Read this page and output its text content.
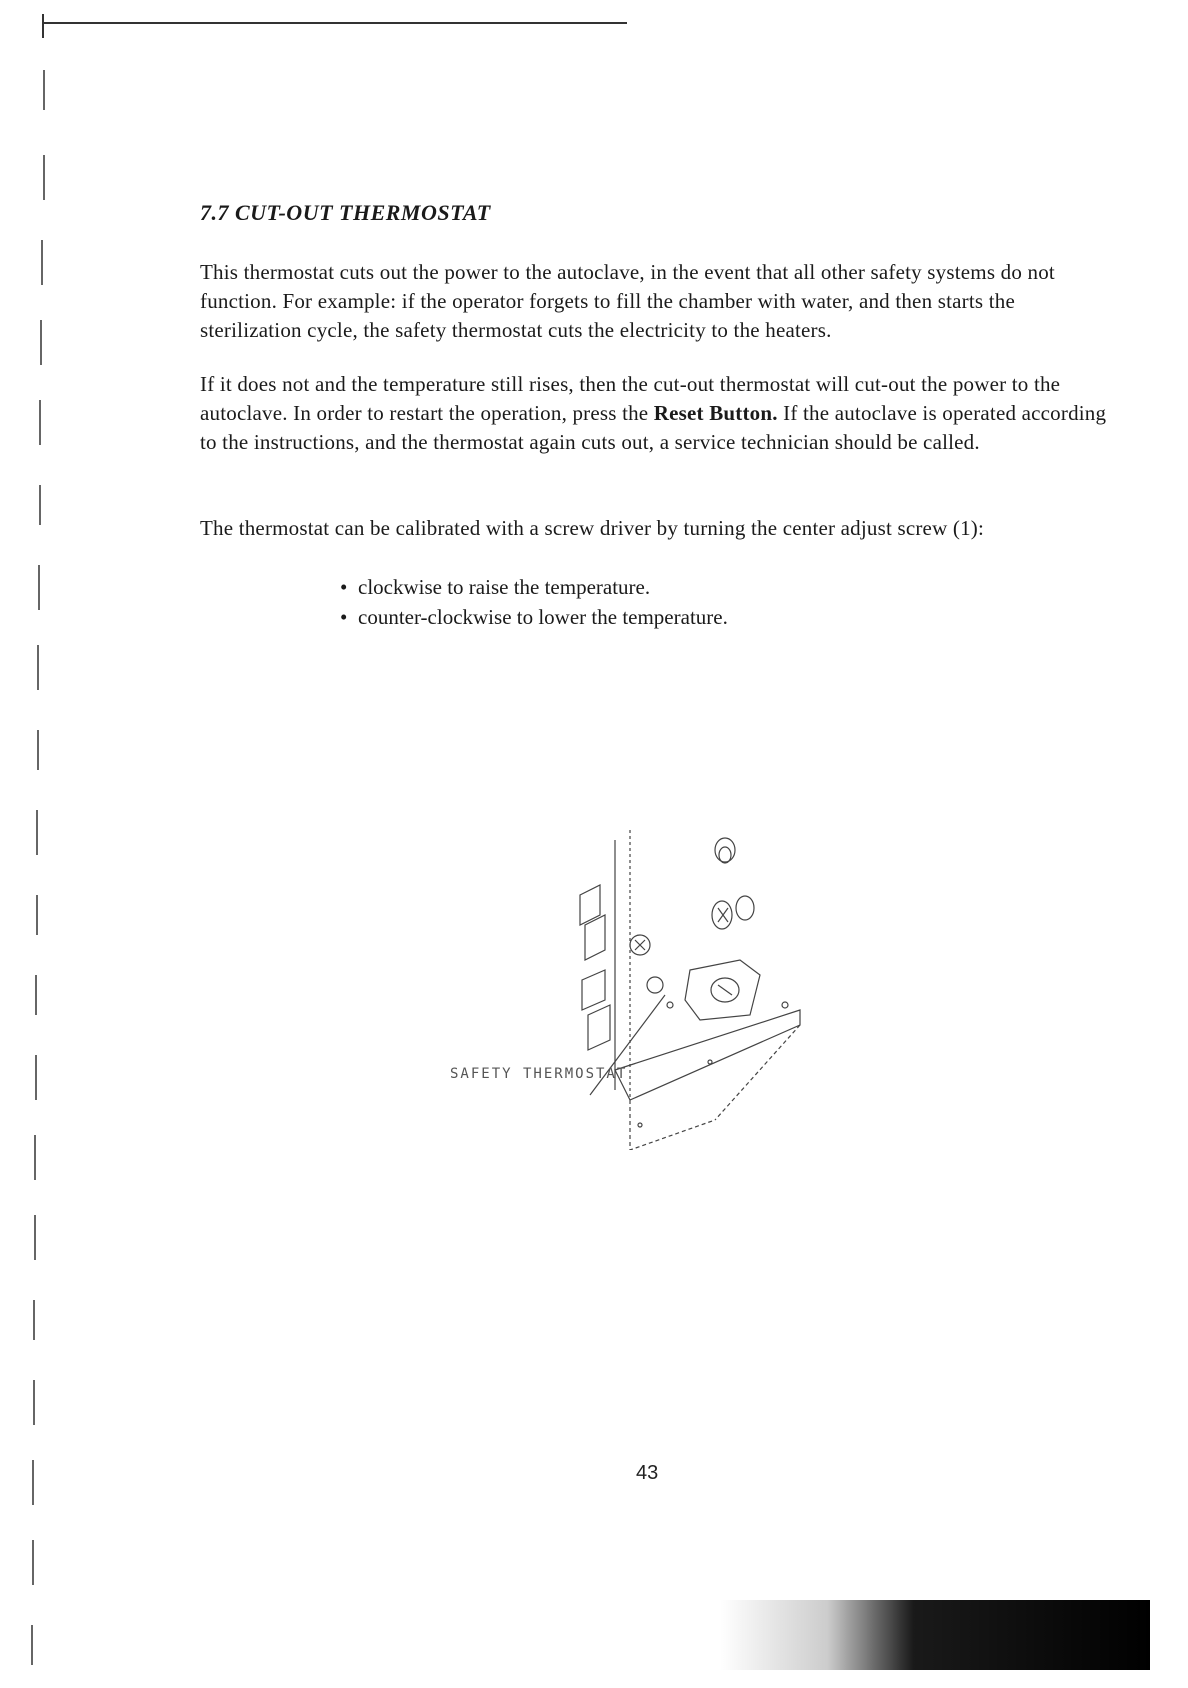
7.7 CUT-OUT THERMOSTAT

This thermostat cuts out the power to the autoclave, in the event that all other safety systems do not function. For example: if the operator forgets to fill the chamber with water, and then starts the sterilization cycle, the safety thermostat cuts the electricity to the heaters.

If it does not and the temperature still rises, then the cut-out thermostat will cut-out the power to the autoclave. In order to restart the operation, press the Reset Button. If the autoclave is operated according to the instructions, and the thermostat again cuts out, a service technician should be called.

The thermostat can be calibrated with a screw driver by turning the center adjust screw (1):

• clockwise to raise the temperature.
• counter-clockwise to lower the temperature.
SAFETY THERMOSTAT
43
